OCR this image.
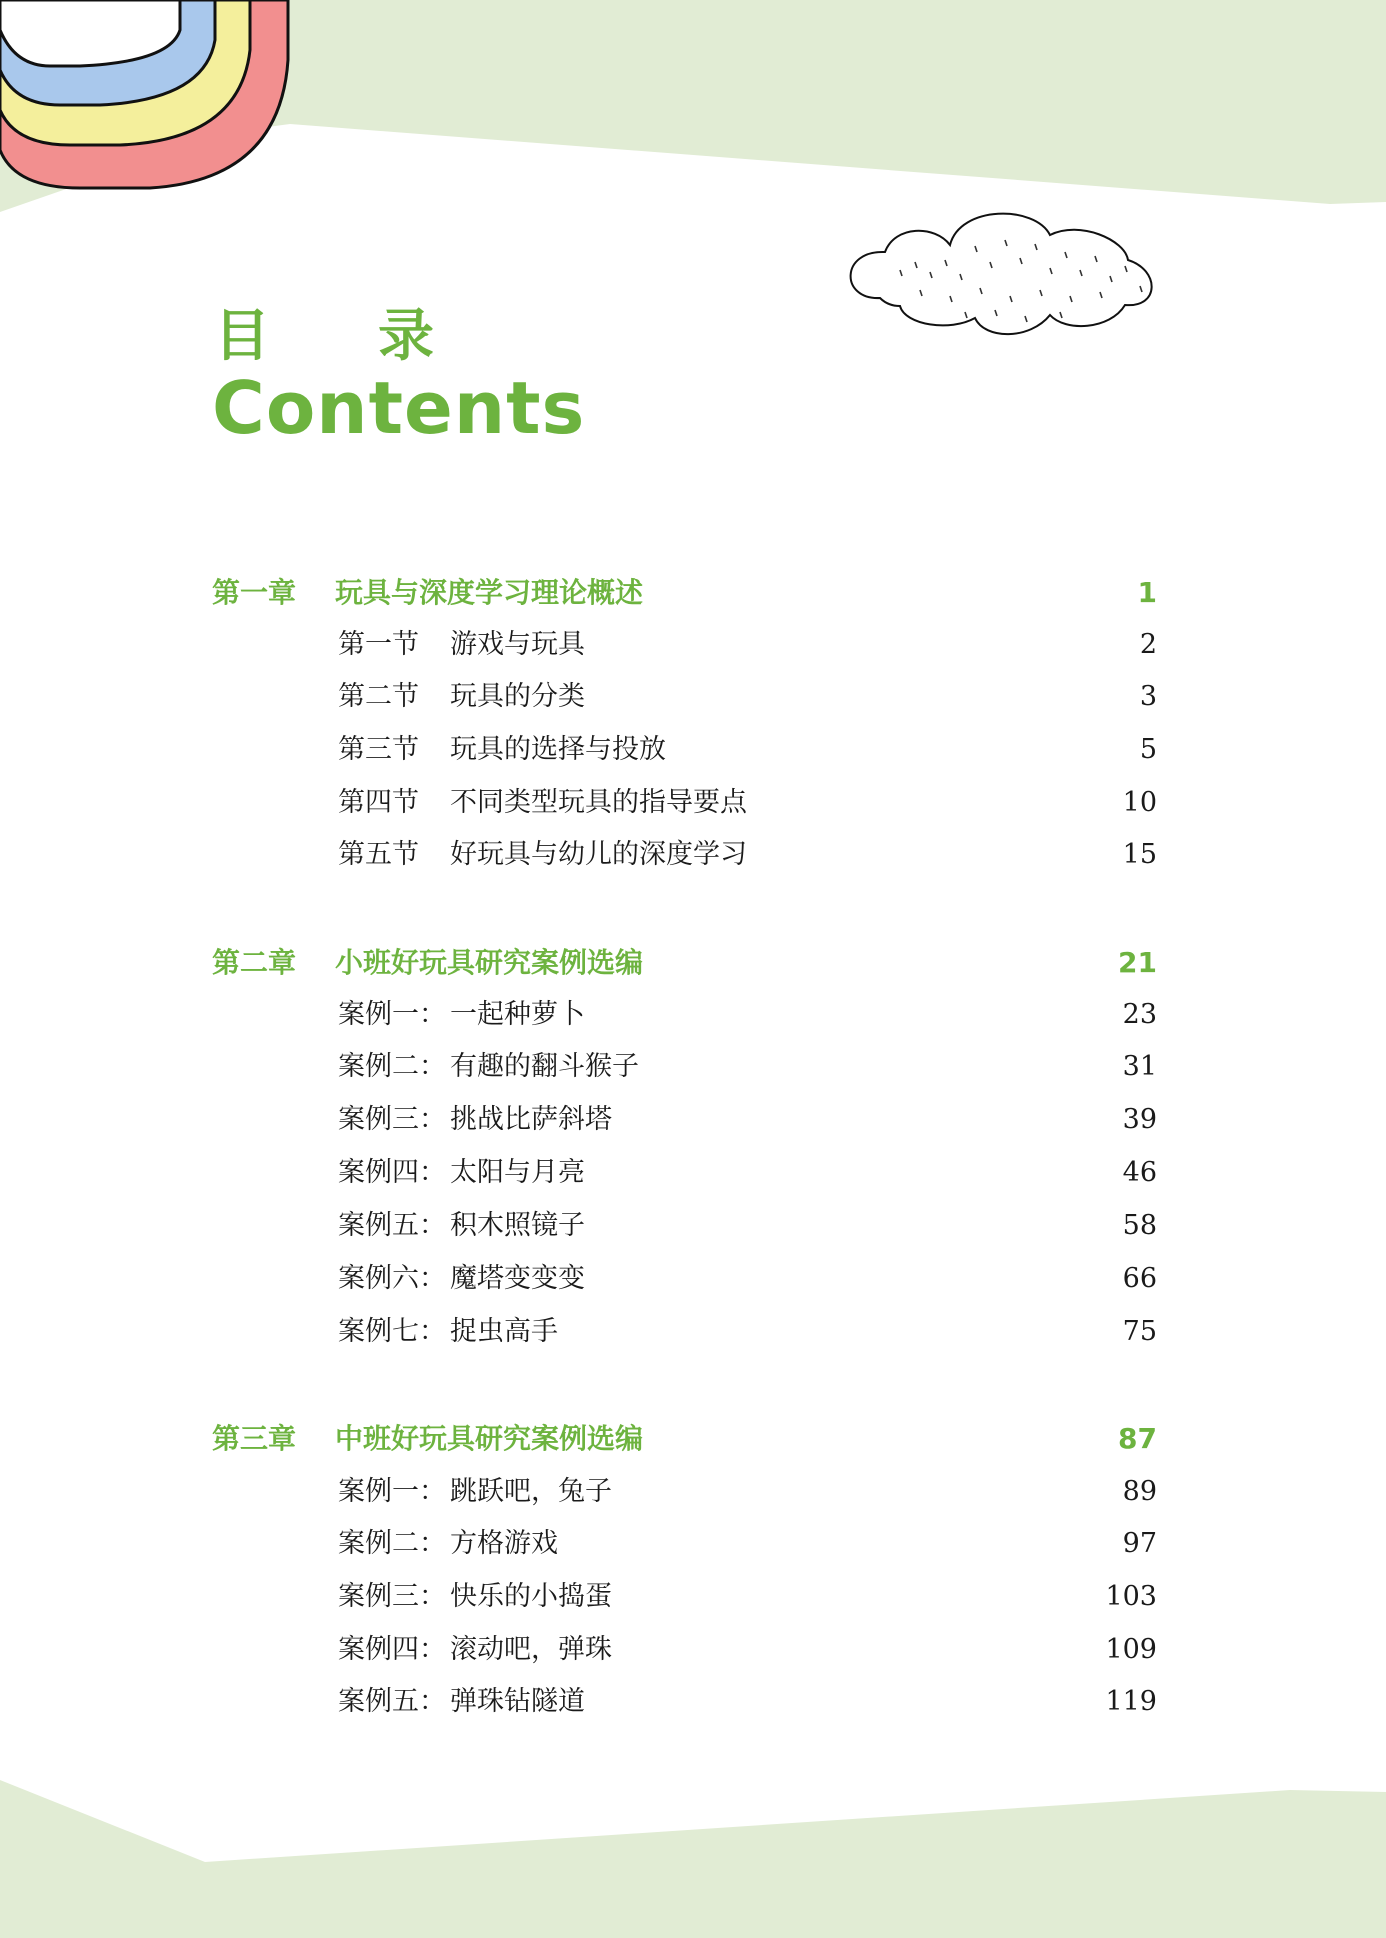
目录
Contents
第一章 玩具与深度学习理论概述	1
第一节 游戏与玩具	2
第二节 玩具的分类	3
第三节 玩具的选择与投放	5
第四节 不同类型玩具的指导要点	10
第五节 好玩具与幼儿的深度学习	15
第二章 小班好玩具研究案例选编	21
案例一： 一起种萝卜	23
案例二： 有趣的翻斗猴子	31
案例三： 挑战比萨斜塔	39
案例四： 太阳与月亮	46
案例五： 积木照镜子	58
案例六： 魔塔变变变	66
案例七： 捉虫高手	75
第三章 中班好玩具研究案例选编	87
案例一： 跳跃吧，兔子	89
案例二： 方格游戏	97
案例三： 快乐的小捣蛋	103
案例四： 滚动吧，弹珠	109
案例五： 弹珠钻隧道	119
